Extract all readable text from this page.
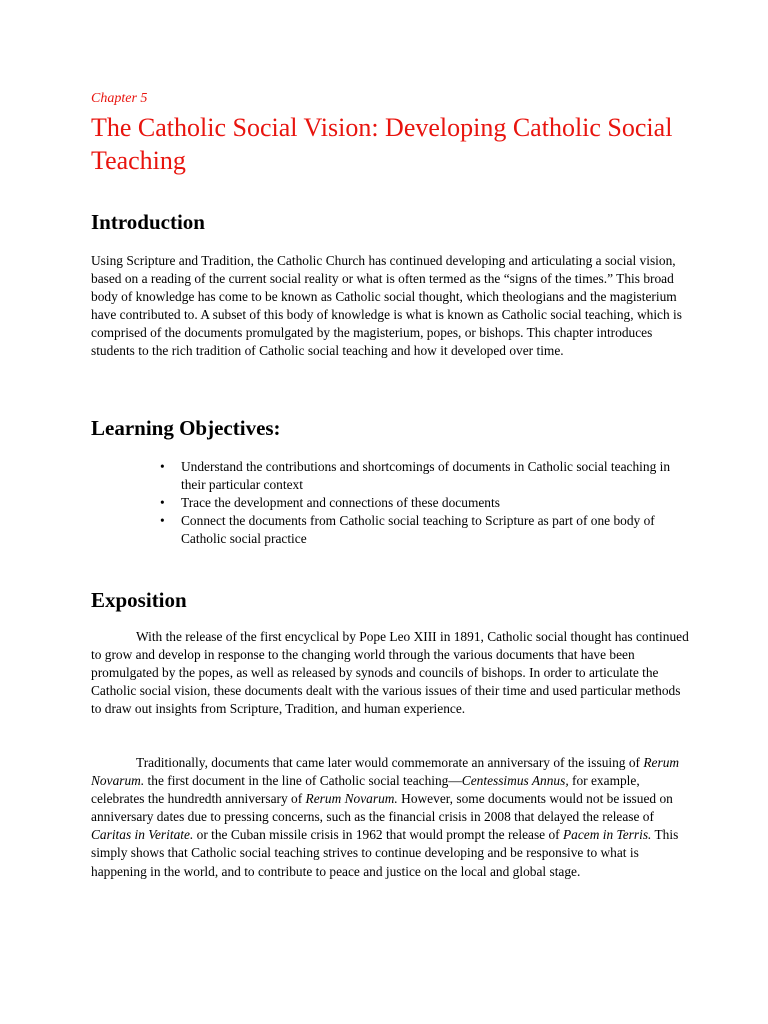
Chapter 5
The Catholic Social Vision: Developing Catholic Social Teaching
Introduction

Using Scripture and Tradition, the Catholic Church has continued developing and articulating a social vision, based on a reading of the current social reality or what is often termed as the “signs of the times.” This broad body of knowledge has come to be known as Catholic social thought, which theologians and the magisterium have contributed to. A subset of this body of knowledge is what is known as Catholic social teaching, which is comprised of the documents promulgated by the magisterium, popes, or bishops. This chapter introduces students to the rich tradition of Catholic social teaching and how it developed over time.

Learning Objectives:
• Understand the contributions and shortcomings of documents in Catholic social teaching in their particular context
• Trace the development and connections of these documents
• Connect the documents from Catholic social teaching to Scripture as part of one body of Catholic social practice
Exposition

With the release of the first encyclical by Pope Leo XIII in 1891, Catholic social thought has continued to grow and develop in response to the changing world through the various documents that have been promulgated by the popes, as well as released by synods and councils of bishops. In order to articulate the Catholic social vision, these documents dealt with the various issues of their time and used particular methods to draw out insights from Scripture, Tradition, and human experience.

Traditionally, documents that came later would commemorate an anniversary of the issuing of Rerum Novarum. the first document in the line of Catholic social teaching—Centessimus Annus, for example, celebrates the hundredth anniversary of Rerum Novarum. However, some documents would not be issued on anniversary dates due to pressing concerns, such as the financial crisis in 2008 that delayed the release of Caritas in Veritate. or the Cuban missile crisis in 1962 that would prompt the release of Pacem in Terris. This simply shows that Catholic social teaching strives to continue developing and be responsive to what is happening in the world, and to contribute to peace and justice on the local and global stage.
